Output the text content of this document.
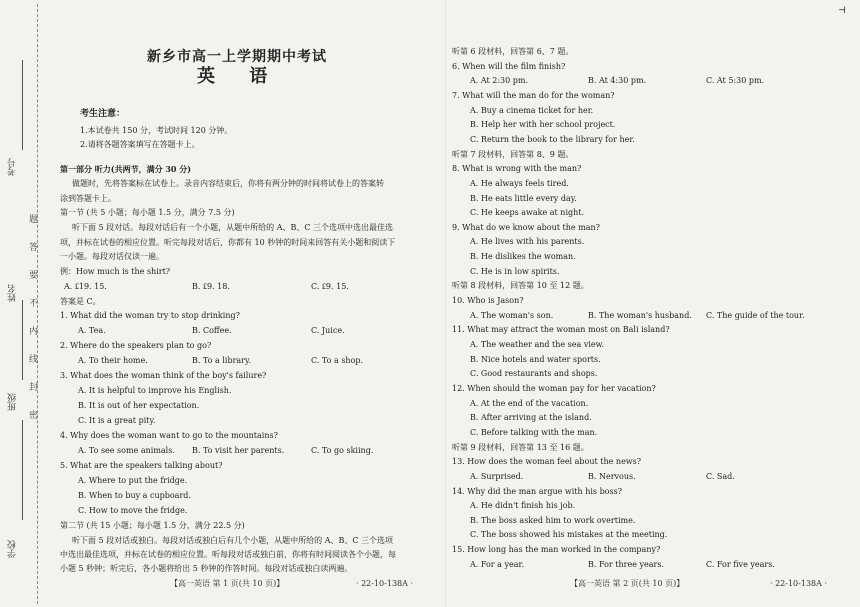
考号
姓名
班级
学校
题
答
要
不
内
线
封
密
新乡市高一上学期期中考试
英 语
考生注意：
1.本试卷共 150 分，考试时间 120 分钟。
2.请将各题答案填写在答题卡上。
第一部分 听力(共两节，满分 30 分)
做题时，先将答案标在试卷上。录音内容结束后，你将有两分钟的时间将试卷上的答案转
涂到答题卡上。
第一节 (共 5 小题；每小题 1.5 分，满分 7.5 分)
听下面 5 段对话。每段对话后有一个小题，从题中所给的 A、B、C 三个选项中选出最佳选
项，并标在试卷的相应位置。听完每段对话后，你都有 10 秒钟的时间来回答有关小题和阅读下
一小题。每段对话仅读一遍。
例：How much is the shirt?
A. ₤19. 15.	B. ₤9. 18.	C. ₤9. 15.
答案是 C。
1. What did the woman try to stop drinking?
A. Tea.	B. Coffee.	C. Juice.
2. Where do the speakers plan to go?
A. To their home.	B. To a library.	C. To a shop.
3. What does the woman think of the boy's failure?
A. It is helpful to improve his English.
B. It is out of her expectation.
C. It is a great pity.
4. Why does the woman want to go to the mountains?
A. To see some animals. B. To visit her parents.	C. To go skiing.
5. What are the speakers talking about?
A. Where to put the fridge.
B. When to buy a cupboard.
C. How to move the fridge.
第二节 (共 15 小题；每小题 1.5 分，满分 22.5 分)
听下面 5 段对话或独白。每段对话或独白后有几个小题，从题中所给的 A、B、C 三个选项
中选出最佳选项，并标在试卷的相应位置。听每段对话或独白前，你将有时间阅读各个小题，每
小题 5 秒钟；听完后，各小题将给出 5 秒钟的作答时间。每段对话或独白读两遍。
【高一英语 第 1 页(共 10 页)】	· 22-10-138A ·
⊣
听第 6 段材料，回答第 6、7 题。
6. When will the film finish?
A. At 2:30 pm.	B. At 4:30 pm.	C. At 5:30 pm.
7. What will the man do for the woman?
A. Buy a cinema ticket for her.
B. Help her with her school project.
C. Return the book to the library for her.
听第 7 段材料，回答第 8、9 题。
8. What is wrong with the man?
A. He always feels tired.
B. He eats little every day.
C. He keeps awake at night.
9. What do we know about the man?
A. He lives with his parents.
B. He dislikes the woman.
C. He is in low spirits.
听第 8 段材料，回答第 10 至 12 题。
10. Who is Jason?
A. The woman's son.	B. The woman's husband. C. The guide of the tour.
11. What may attract the woman most on Bali island?
A. The weather and the sea view.
B. Nice hotels and water sports.
C. Good restaurants and shops.
12. When should the woman pay for her vacation?
A. At the end of the vacation.
B. After arriving at the island.
C. Before talking with the man.
听第 9 段材料，回答第 13 至 16 题。
13. How does the woman feel about the news?
A. Surprised.	B. Nervous.	C. Sad.
14. Why did the man argue with his boss?
A. He didn't finish his job.
B. The boss asked him to work overtime.
C. The boss showed his mistakes at the meeting.
15. How long has the man worked in the company?
A. For a year.	B. For three years.	C. For five years.
【高一英语 第 2 页(共 10 页)】	· 22-10-138A ·
